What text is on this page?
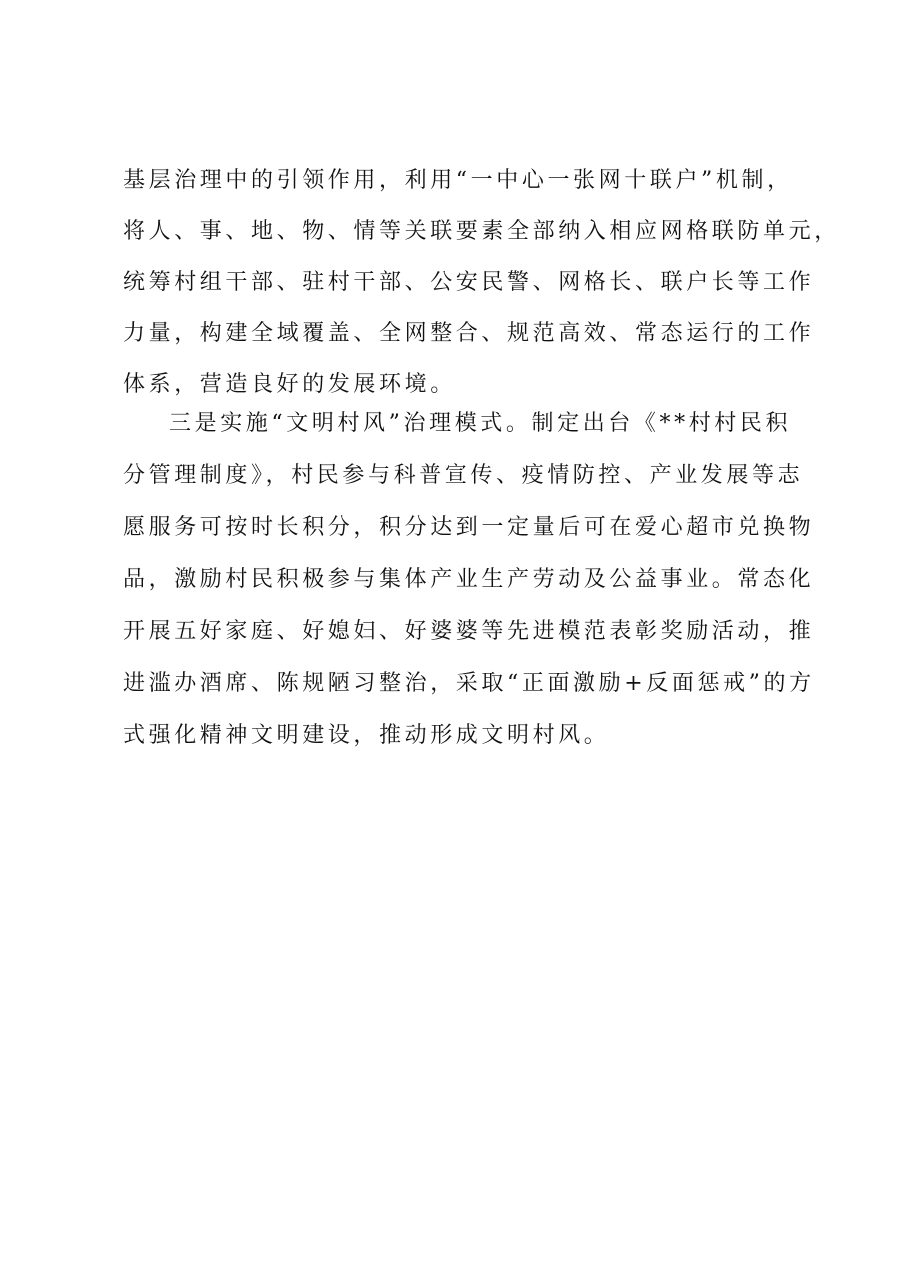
基层治理中的引领作用，利用“一中心一张网十联户”机制，
将人、事、地、物、情等关联要素全部纳入相应网格联防单元，
统筹村组干部、驻村干部、公安民警、网格长、联户长等工作
力量，构建全域覆盖、全网整合、规范高效、常态运行的工作
体系，营造良好的发展环境。
三是实施“文明村风”治理模式。制定出台《**村村民积
分管理制度》，村民参与科普宣传、疫情防控、产业发展等志
愿服务可按时长积分，积分达到一定量后可在爱心超市兑换物
品，激励村民积极参与集体产业生产劳动及公益事业。常态化
开展五好家庭、好媳妇、好婆婆等先进模范表彰奖励活动，推
进滥办酒席、陈规陋习整治，采取“正面激励+反面惩戒”的方
式强化精神文明建设，推动形成文明村风。
